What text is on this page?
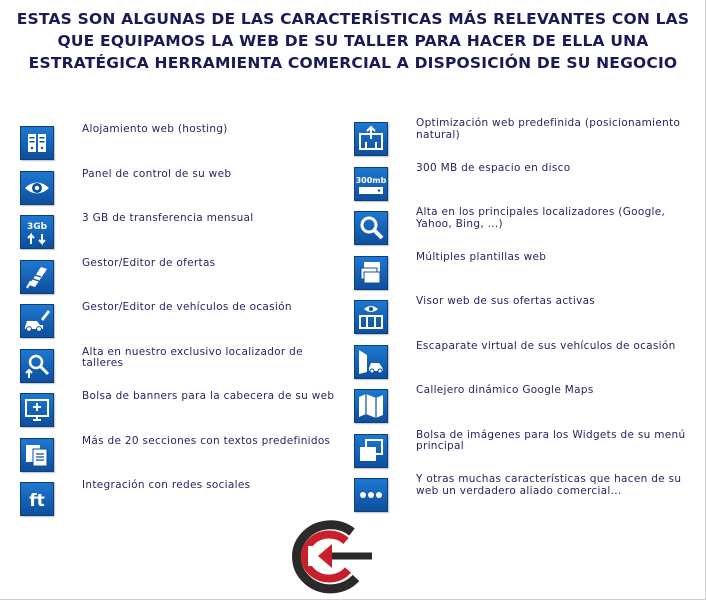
ESTAS SON ALGUNAS DE LAS CARACTERÍSTICAS MÁS RELEVANTES CON LAS QUE EQUIPAMOS LA WEB DE SU TALLER PARA HACER DE ELLA UNA ESTRATÉGICA HERRAMIENTA COMERCIAL A DISPOSICIÓN DE SU NEGOCIO
Alojamiento web (hosting)
Panel de control de su web
3Gb
3 GB de transferencia mensual
Gestor/Editor de ofertas
Gestor/Editor de vehículos de ocasión
Alta en nuestro exclusivo localizador de talleres
Bolsa de banners para la cabecera de su web
Más de 20 secciones con textos predefinidos
ft
Integración con redes sociales
Optimización web predefinida (posicionamiento natural)
300mb
300 MB de espacio en disco
Alta en los principales localizadores (Google, Yahoo, Bing, ...)
Múltiples plantillas web
Visor web de sus ofertas activas
Escaparate virtual de sus vehículos de ocasión
Callejero dinámico Google Maps
Bolsa de imágenes para los Widgets de su menú principal
Y otras muchas características que hacen de su web un verdadero aliado comercial...
